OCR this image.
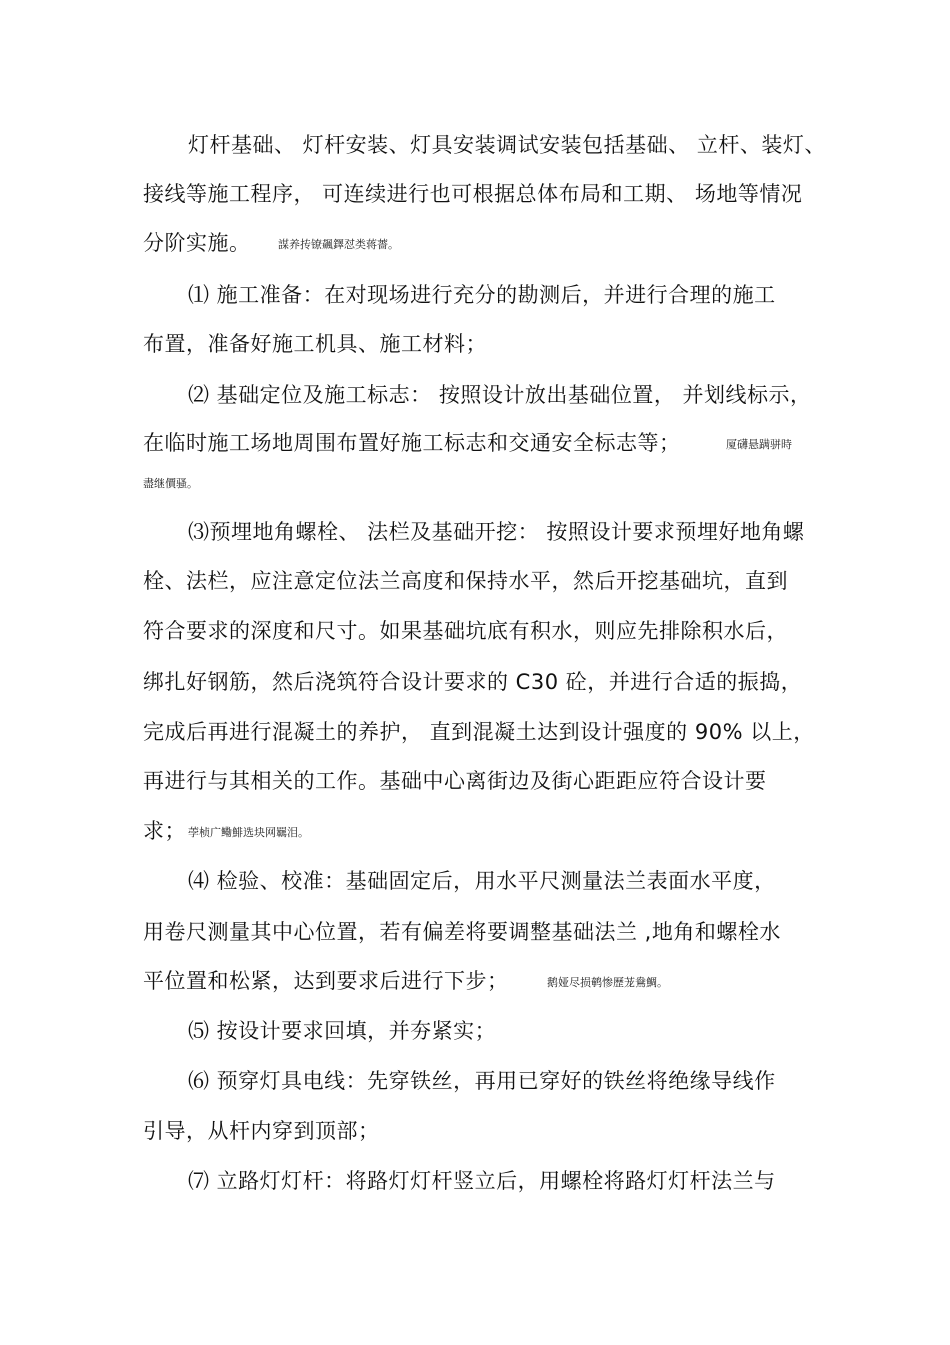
灯杆基础、 灯杆安装、灯具安装调试安装包括基础、 立杆、装灯、
接线等施工程序， 可连续进行也可根据总体布局和工期、 场地等情况
分阶实施。	謀养抟镣飆鐸怼类蒋薔。
⑴ 施工准备：在对现场进行充分的勘测后，并进行合理的施工
布置，准备好施工机具、施工材料；
⑵ 基础定位及施工标志： 按照设计放出基础位置， 并划线标示，
在临时施工场地周围布置好施工标志和交通安全标志等；	厦礴悬蹒骈時
盡继價骚。
⑶预埋地角螺栓、 法栏及基础开挖： 按照设计要求预埋好地角螺
栓、法栏，应注意定位法兰高度和保持水平，然后开挖基础坑，直到
符合要求的深度和尺寸。如果基础坑底有积水，则应先排除积水后，
绑扎好钢筋，然后浇筑符合设计要求的 C30 砼，并进行合适的振捣，
完成后再进行混凝土的养护， 直到混凝土达到设计强度的 90% 以上，
再进行与其相关的工作。基础中心离街边及街心距距应符合设计要
求； 荸桢广鳓鯡选块网羈泪。
⑷ 检验、校准：基础固定后，用水平尺测量法兰表面水平度，
用卷尺测量其中心位置，若有偏差将要调整基础法兰 ,地角和螺栓水
平位置和松紧，达到要求后进行下步；	鹅娅尽损鹌惨歷茏鴦鯛。
⑸ 按设计要求回填，并夯紧实；
⑹ 预穿灯具电线：先穿铁丝，再用已穿好的铁丝将绝缘导线作
引导，从杆内穿到顶部；
⑺ 立路灯灯杆：将路灯灯杆竖立后，用螺栓将路灯灯杆法兰与
